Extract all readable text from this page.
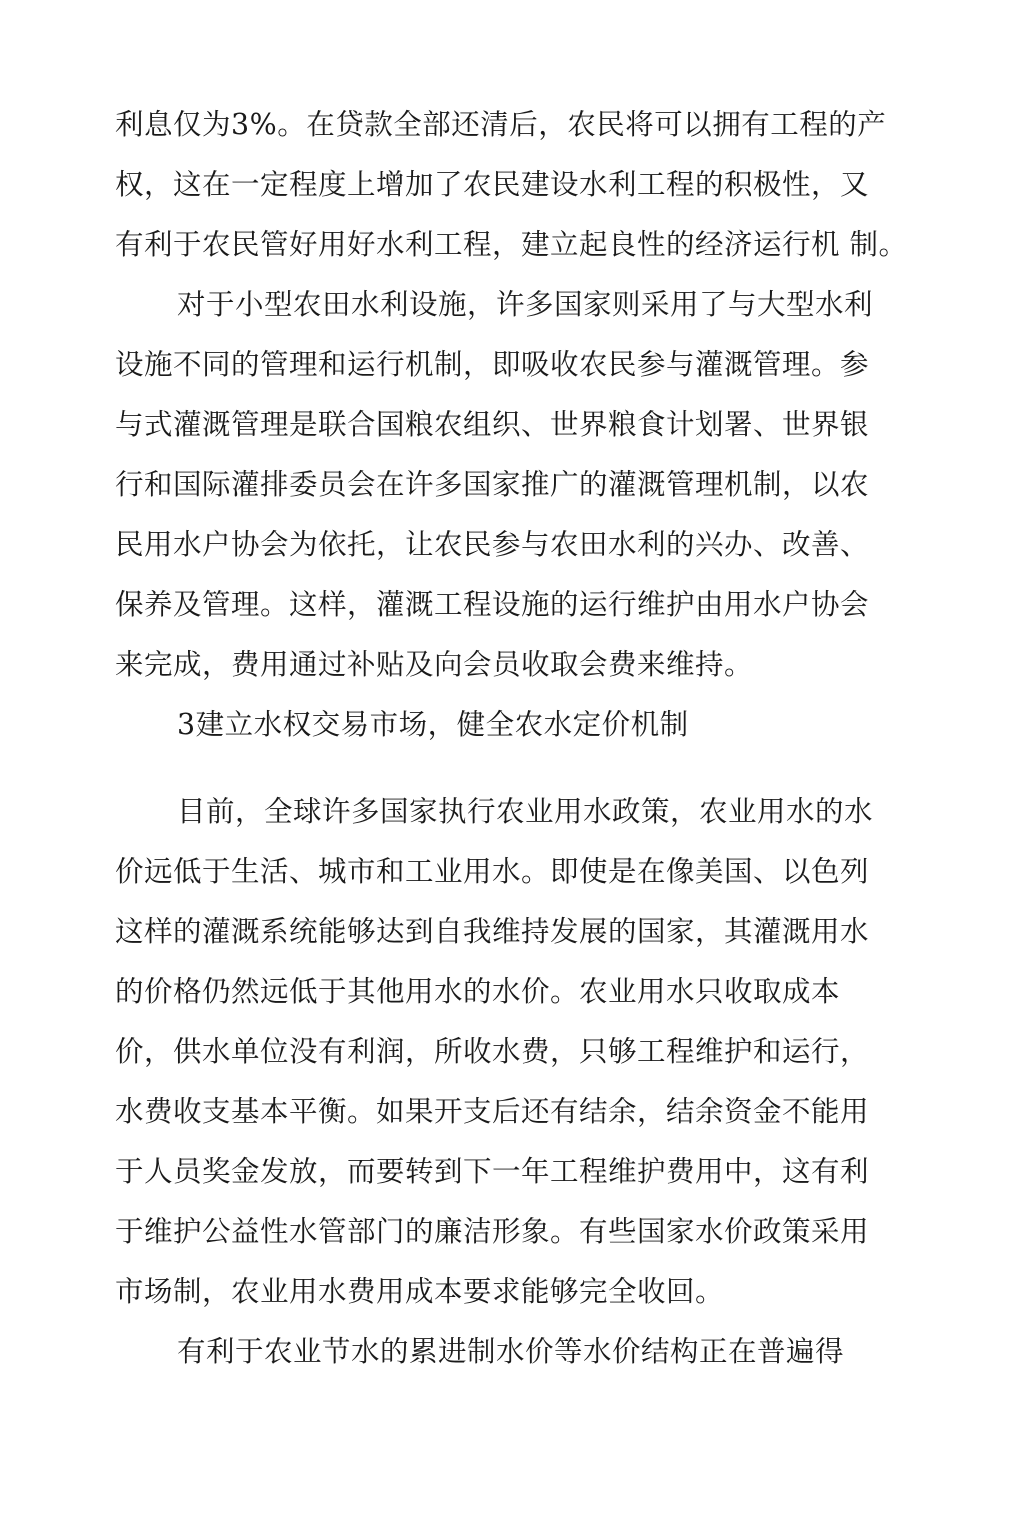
利息仅为3%。在贷款全部还清后，农民将可以拥有工程的产
权，这在一定程度上增加了农民建设水利工程的积极性，又
有利于农民管好用好水利工程，建立起良性的经济运行机 制。
对于小型农田水利设施，许多国家则采用了与大型水利
设施不同的管理和运行机制，即吸收农民参与灌溉管理。参
与式灌溉管理是联合国粮农组织、世界粮食计划署、世界银
行和国际灌排委员会在许多国家推广的灌溉管理机制，以农
民用水户协会为依托，让农民参与农田水利的兴办、改善、
保养及管理。这样，灌溉工程设施的运行维护由用水户协会
来完成，费用通过补贴及向会员收取会费来维持。
3建立水权交易市场，健全农水定价机制
目前，全球许多国家执行农业用水政策，农业用水的水
价远低于生活、城市和工业用水。即使是在像美国、以色列
这样的灌溉系统能够达到自我维持发展的国家，其灌溉用水
的价格仍然远低于其他用水的水价。农业用水只收取成本
价，供水单位没有利润，所收水费，只够工程维护和运行，
水费收支基本平衡。如果开支后还有结余，结余资金不能用
于人员奖金发放，而要转到下一年工程维护费用中，这有利
于维护公益性水管部门的廉洁形象。有些国家水价政策采用
市场制，农业用水费用成本要求能够完全收回。
有利于农业节水的累进制水价等水价结构正在普遍得
